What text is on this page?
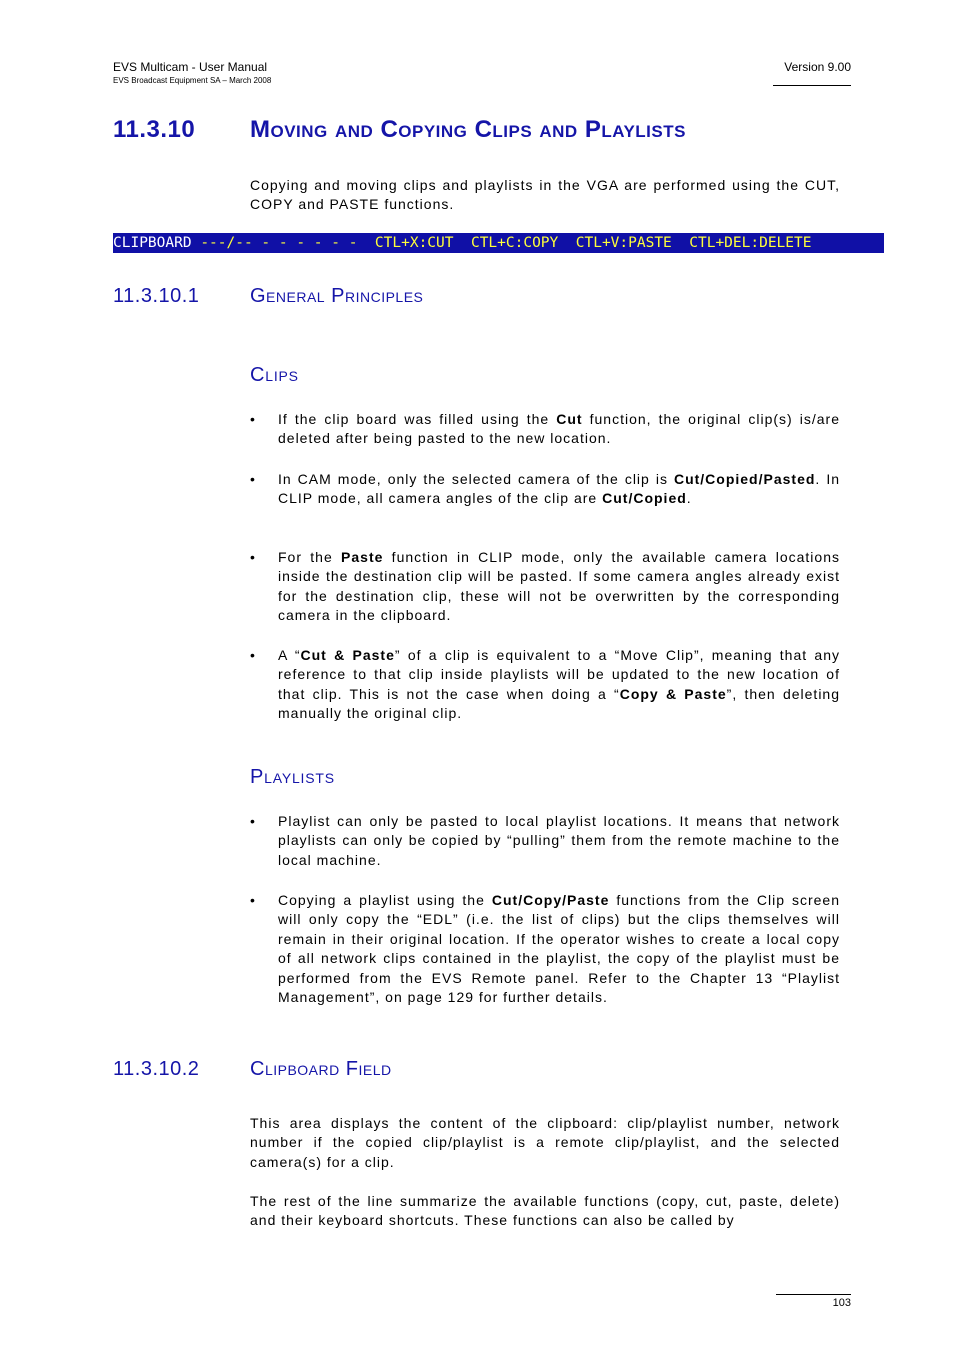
EVS Multicam - User Manual
EVS Broadcast Equipment SA – March 2008
Version 9.00
11.3.10 Moving and Copying Clips and Playlists
Copying and moving clips and playlists in the VGA are performed using the CUT, COPY and PASTE functions.
CLIPBOARD ---/-- - - - - - - CTL+X:CUT CTL+C:COPY CTL+V:PASTE CTL+DEL:DELETE
11.3.10.1	General Principles
Clips
• If the clip board was filled using the Cut function, the original clip(s) is/are deleted after being pasted to the new location.
• In CAM mode, only the selected camera of the clip is Cut/Copied/Pasted. In CLIP mode, all camera angles of the clip are Cut/Copied.
• For the Paste function in CLIP mode, only the available camera locations inside the destination clip will be pasted. If some camera angles already exist for the destination clip, these will not be overwritten by the corresponding camera in the clipboard.
• A “Cut & Paste” of a clip is equivalent to a “Move Clip”, meaning that any reference to that clip inside playlists will be updated to the new location of that clip. This is not the case when doing a “Copy & Paste”, then deleting manually the original clip.
Playlists
• Playlist can only be pasted to local playlist locations. It means that network playlists can only be copied by “pulling” them from the remote machine to the local machine.
• Copying a playlist using the Cut/Copy/Paste functions from the Clip screen will only copy the “EDL” (i.e. the list of clips) but the clips themselves will remain in their original location. If the operator wishes to create a local copy of all network clips contained in the playlist, the copy of the playlist must be performed from the EVS Remote panel. Refer to the Chapter 13 “Playlist Management”, on page 129 for further details.
11.3.10.2	Clipboard Field
This area displays the content of the clipboard: clip/playlist number, network number if the copied clip/playlist is a remote clip/playlist, and the selected camera(s) for a clip.
The rest of the line summarize the available functions (copy, cut, paste, delete) and their keyboard shortcuts. These functions can also be called by
103
